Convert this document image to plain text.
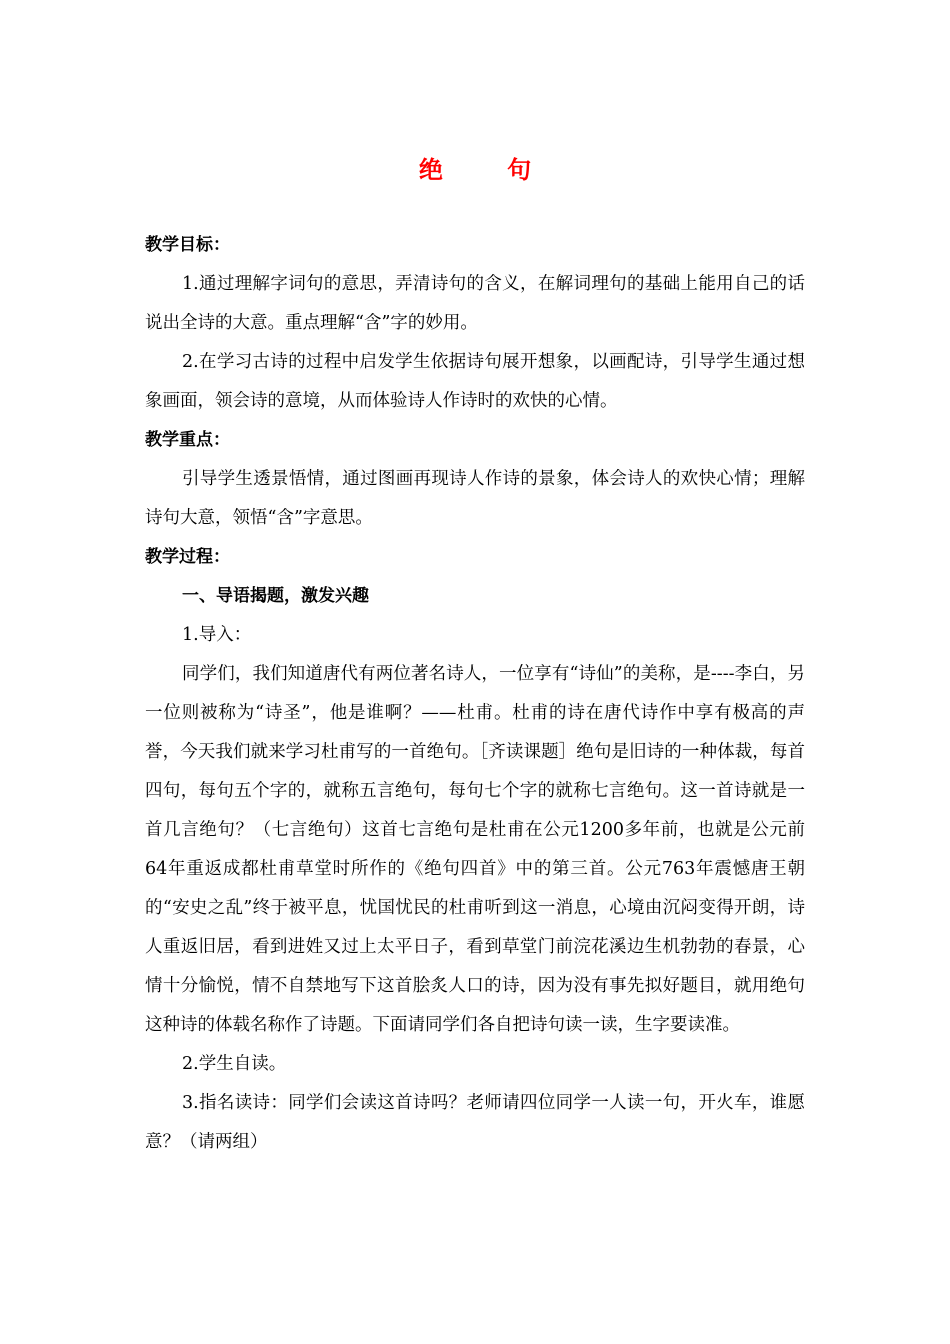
绝 句

教学目标：

1.通过理解字词句的意思，弄清诗句的含义，在解词理句的基础上能用自己的话说出全诗的大意。重点理解“含”字的妙用。

2.在学习古诗的过程中启发学生依据诗句展开想象，以画配诗，引导学生通过想象画面，领会诗的意境，从而体验诗人作诗时的欢快的心情。

教学重点：

引导学生透景悟情，通过图画再现诗人作诗的景象，体会诗人的欢快心情；理解诗句大意，领悟“含”字意思。

教学过程：

一、导语揭题，激发兴趣

1.导入：

同学们，我们知道唐代有两位著名诗人，一位享有“诗仙”的美称，是----李白，另一位则被称为“诗圣”，他是谁啊？——杜甫。杜甫的诗在唐代诗作中享有极高的声誉，今天我们就来学习杜甫写的一首绝句。［齐读课题］绝句是旧诗的一种体裁，每首四句，每句五个字的，就称五言绝句，每句七个字的就称七言绝句。这一首诗就是一首几言绝句？（七言绝句）这首七言绝句是杜甫在公元1200多年前，也就是公元前64年重返成都杜甫草堂时所作的《绝句四首》中的第三首。公元763年震憾唐王朝的“安史之乱”终于被平息，忧国忧民的杜甫听到这一消息，心境由沉闷变得开朗，诗人重返旧居，看到进姓又过上太平日子，看到草堂门前浣花溪边生机勃勃的春景，心情十分愉悦，情不自禁地写下这首脍炙人口的诗，因为没有事先拟好题目，就用绝句这种诗的体载名称作了诗题。下面请同学们各自把诗句读一读，生字要读准。

2.学生自读。

3.指名读诗：同学们会读这首诗吗？老师请四位同学一人读一句，开火车，谁愿意？（请两组）
